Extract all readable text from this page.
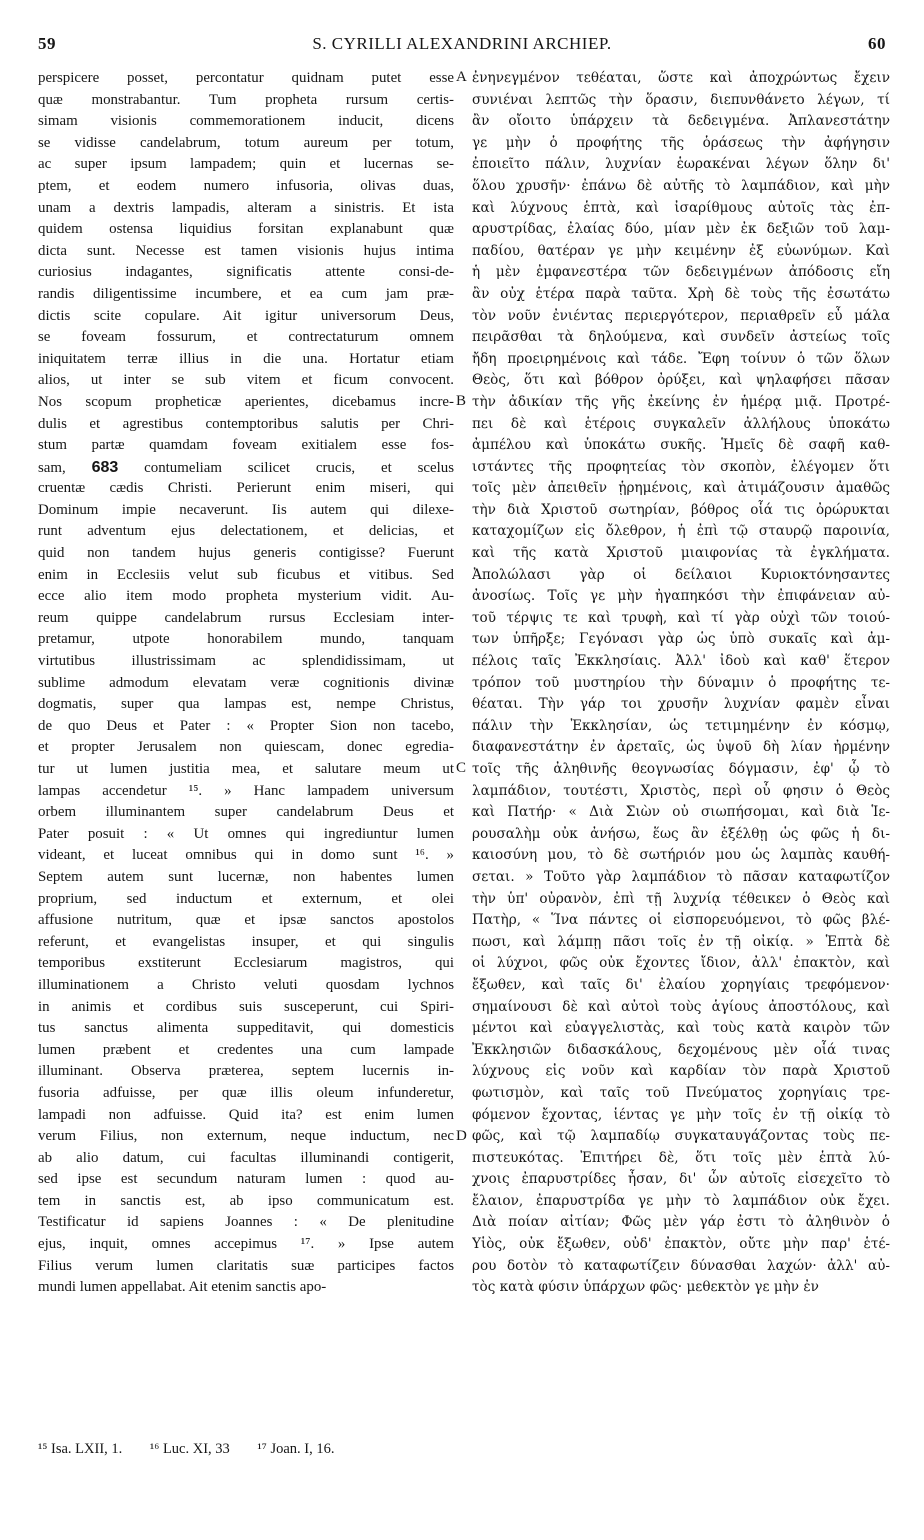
59	S. CYRILLI ALEXANDRINI ARCHIEP.	60
perspicere posset, percontatur quidnam putet esse
quæ monstrabantur. Tum propheta rursum certis-
simam visionis commemorationem inducit, dicens
se vidisse candelabrum, totum aureum per totum,
ac super ipsum lampadem; quin et lucernas se-
ptem, et eodem numero infusoria, olivas duas,
unam a dextris lampadis, alteram a sinistris. Et ista
quidem ostensa liquidius forsitan explanabunt quæ
dicta sunt. Necesse est tamen visionis hujus intima
curiosius indagantes, significatis attente consi-de-
randis diligentissime incumbere, et ea cum jam præ-
dictis scite copulare. Ait igitur universorum Deus,
se foveam fossurum, et contrectaturum omnem
iniquitatem terræ illius in die una. Hortatur etiam
alios, ut inter se sub vitem et ficum convocent.
Nos scopum propheticæ aperientes, dicebamus incre-
dulis et agrestibus contemptoribus salutis per Chri-
stum partæ quamdam foveam exitialem esse fos-
sam, 683 contumeliam scilicet crucis, et scelus
cruentæ cædis Christi. Perierunt enim miseri, qui
Dominum impie necaverunt. Iis autem qui dilexe-
runt adventum ejus delectationem, et delicias, et
quid non tandem hujus generis contigisse? Fuerunt
enim in Ecclesiis velut sub ficubus et vitibus. Sed
ecce alio item modo propheta mysterium vidit. Au-
reum quippe candelabrum rursus Ecclesiam inter-
pretamur, utpote honorabilem mundo, tanquam
virtutibus illustrissimam ac splendidissimam, ut
sublime admodum elevatam veræ cognitionis divinæ
dogmatis, super qua lampas est, nempe Christus,
de quo Deus et Pater : « Propter Sion non tacebo,
et propter Jerusalem non quiescam, donec egredia-
tur ut lumen justitia mea, et salutare meum ut
lampas accendetur ¹⁵. » Hanc lampadem universum
orbem illuminantem super candelabrum Deus et
Pater posuit : « Ut omnes qui ingrediuntur lumen
videant, et luceat omnibus qui in domo sunt ¹⁶. »
Septem autem sunt lucernæ, non habentes lumen
proprium, sed inductum et externum, et olei
affusione nutritum, quæ et ipsæ sanctos apostolos
referunt, et evangelistas insuper, et qui singulis
temporibus exstiterunt Ecclesiarum magistros, qui
illuminationem a Christo veluti quosdam lychnos
in animis et cordibus suis susceperunt, cui Spiri-
tus sanctus alimenta suppeditavit, qui domesticis
lumen præbent et credentes una cum lampade
illuminant. Observa præterea, septem lucernis in-
fusoria adfuisse, per quæ illis oleum infunderetur,
lampadi non adfuisse. Quid ita? est enim lumen
verum Filius, non externum, neque inductum, nec
ab alio datum, cui facultas illuminandi contigerit,
sed ipse est secundum naturam lumen : quod au-
tem in sanctis est, ab ipso communicatum est.
Testificatur id sapiens Joannes : « De plenitudine
ejus, inquit, omnes accepimus ¹⁷. » Ipse autem
Filius verum lumen claritatis suæ participes factos
mundi lumen appellabat. Ait etenim sanctis apo-
ἐνηνεγμένον τεθέαται, ὥστε καὶ ἀποχρώντως ἔχειν
συνιέναι λεπτῶς τὴν ὅρασιν, διεπυνθάνετο λέγων, τί
ἂν οἴοιτο ὑπάρχειν τὰ δεδειγμένα. Ἀπλανεστάτην
γε μὴν ὁ προφήτης τῆς ὁράσεως τὴν ἀφήγησιν
ἐποιεῖτο πάλιν, λυχνίαν ἑωρακέναι λέγων ὅλην δι'
ὅλου χρυσῆν· ἐπάνω δὲ αὐτῆς τὸ λαμπάδιον, καὶ μὴν
καὶ λύχνους ἑπτὰ, καὶ ἰσαρίθμους αὐτοῖς τὰς ἐπ-
αρυστρίδας, ἐλαίας δύο, μίαν μὲν ἐκ δεξιῶν τοῦ λαμ-
παδίου, θατέραν γε μὴν κειμένην ἐξ εὐωνύμων. Καὶ
ἡ μὲν ἐμφανεστέρα τῶν δεδειγμένων ἀπόδοσις εἴη
ἂν οὐχ ἑτέρα παρὰ ταῦτα. Χρὴ δὲ τοὺς τῆς ἐσωτάτω
τὸν νοῦν ἐνιέντας περιεργότερον, περιαθρεῖν εὖ μάλα
πειρᾶσθαι τὰ δηλούμενα, καὶ συνδεῖν ἀστείως τοῖς
ἤδη προειρημένοις καὶ τάδε. Ἔφη τοίνυν ὁ τῶν ὅλων
Θεὸς, ὅτι καὶ βόθρον ὀρύξει, καὶ ψηλαφήσει πᾶσαν
τὴν ἀδικίαν τῆς γῆς ἐκείνης ἐν ἡμέρᾳ μιᾷ. Προτρέ-
πει δὲ καὶ ἑτέροις συγκαλεῖν ἀλλήλους ὑποκάτω
ἀμπέλου καὶ ὑποκάτω συκῆς. Ἡμεῖς δὲ σαφῆ καθ-
ιστάντες τῆς προφητείας τὸν σκοπὸν, ἐλέγομεν ὅτι
τοῖς μὲν ἀπειθεῖν ᾑρημένοις, καὶ ἀτιμάζουσιν ἀμαθῶς
τὴν διὰ Χριστοῦ σωτηρίαν, βόθρος οἷά τις ὀρώρυκται
καταχομίζων εἰς ὄλεθρον, ἡ ἐπὶ τῷ σταυρῷ παροινία,
καὶ τῆς κατὰ Χριστοῦ μιαιφονίας τὰ ἐγκλήματα.
Ἀπολώλασι γὰρ οἱ δείλαιοι Κυριοκτόνησαντες
ἀνοσίως. Τοῖς γε μὴν ἠγαπηκόσι τὴν ἐπιφάνειαν αὐ-
τοῦ τέρψις τε καὶ τρυφὴ, καὶ τί γὰρ οὐχὶ τῶν τοιού-
των ὑπῆρξε; Γεγόνασι γὰρ ὡς ὑπὸ συκαῖς καὶ ἀμ-
πέλοις ταῖς Ἐκκλησίαις. Ἀλλ' ἰδοὺ καὶ καθ' ἕτερον
τρόπον τοῦ μυστηρίου τὴν δύναμιν ὁ προφήτης τε-
θέαται. Τὴν γάρ τοι χρυσῆν λυχνίαν φαμὲν εἶναι
πάλιν τὴν Ἐκκλησίαν, ὡς τετιμημένην ἐν κόσμῳ,
διαφανεστάτην ἐν ἀρεταῖς, ὡς ὑψοῦ δὴ λίαν ἠρμένην
τοῖς τῆς ἀληθινῆς θεογνωσίας δόγμασιν, ἐφ' ᾧ τὸ
λαμπάδιον, τουτέστι, Χριστὸς, περὶ οὗ φησιν ὁ Θεὸς
καὶ Πατήρ· « Διὰ Σιὼν οὐ σιωπήσομαι, καὶ διὰ Ἱε-
ρουσαλὴμ οὐκ ἀνήσω, ἕως ἂν ἐξέλθῃ ὡς φῶς ἡ δι-
καιοσύνη μου, τὸ δὲ σωτήριόν μου ὡς λαμπὰς καυθή-
σεται. » Τοῦτο γὰρ λαμπάδιον τὸ πᾶσαν καταφωτίζον
τὴν ὑπ' οὐρανὸν, ἐπὶ τῇ λυχνίᾳ τέθεικεν ὁ Θεὸς καὶ
Πατὴρ, « Ἵνα πάντες οἱ εἰσπορευόμενοι, τὸ φῶς βλέ-
πωσι, καὶ λάμπῃ πᾶσι τοῖς ἐν τῇ οἰκίᾳ. » Ἑπτὰ δὲ
οἱ λύχνοι, φῶς οὐκ ἔχοντες ἴδιον, ἀλλ' ἐπακτὸν, καὶ
ἔξωθεν, καὶ ταῖς δι' ἐλαίου χορηγίαις τρεφόμενον·
σημαίνουσι δὲ καὶ αὐτοὶ τοὺς ἁγίους ἀποστόλους, καὶ
μέντοι καὶ εὐαγγελιστὰς, καὶ τοὺς κατὰ καιρὸν τῶν
Ἐκκλησιῶν διδασκάλους, δεχομένους μὲν οἷά τινας
λύχνους εἰς νοῦν καὶ καρδίαν τὸν παρὰ Χριστοῦ
φωτισμὸν, καὶ ταῖς τοῦ Πνεύματος χορηγίαις τρε-
φόμενον ἔχοντας, ἱέντας γε μὴν τοῖς ἐν τῇ οἰκίᾳ τὸ
φῶς, καὶ τῷ λαμπαδίῳ συγκαταυγάζοντας τοὺς πε-
πιστευκότας. Ἐπιτήρει δὲ, ὅτι τοῖς μὲν ἑπτὰ λύ-
χνοις ἐπαρυστρίδες ἦσαν, δι' ὧν αὐτοῖς εἰσεχεῖτο τὸ
ἔλαιον, ἐπαρυστρίδα γε μὴν τὸ λαμπάδιον οὐκ ἔχει.
Διὰ ποίαν αἰτίαν; Φῶς μὲν γάρ ἐστι τὸ ἀληθινὸν ὁ
Υἱὸς, οὐκ ἔξωθεν, οὐδ' ἐπακτὸν, οὔτε μὴν παρ' ἑτέ-
ρου δοτὸν τὸ καταφωτίζειν δύνασθαι λαχών· ἀλλ' αὐ-
τὸς κατὰ φύσιν ὑπάρχων φῶς· μεθεκτὸν γε μὴν ἐν
A
B
C
D
¹⁵ Isa. LXII, 1. ¹⁶ Luc. XI, 33 ¹⁷ Joan. I, 16.
